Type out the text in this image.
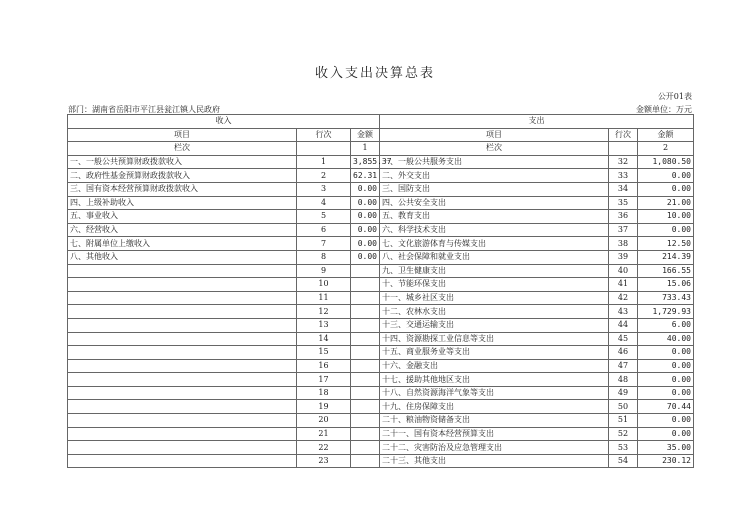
收入支出决算总表
公开01表
部门：湖南省岳阳市平江县瓮江镇人民政府	金额单位：万元
收入			支出		
项目	行次	金额	项目	行次	金额
栏次		1	栏次		2
一、一般公共预算财政拨款收入	1	3,855.37	一、一般公共服务支出	32	1,080.50
二、政府性基金预算财政拨款收入	2	62.31	二、外交支出	33	0.00
三、国有资本经营预算财政拨款收入	3	0.00	三、国防支出	34	0.00
四、上级补助收入	4	0.00	四、公共安全支出	35	21.00
五、事业收入	5	0.00	五、教育支出	36	10.00
六、经营收入	6	0.00	六、科学技术支出	37	0.00
七、附属单位上缴收入	7	0.00	七、文化旅游体育与传媒支出	38	12.50
八、其他收入	8	0.00	八、社会保障和就业支出	39	214.39
	9		九、卫生健康支出	40	166.55
	10		十、节能环保支出	41	15.06
	11		十一、城乡社区支出	42	733.43
	12		十二、农林水支出	43	1,729.93
	13		十三、交通运输支出	44	6.00
	14		十四、资源勘探工业信息等支出	45	40.00
	15		十五、商业服务业等支出	46	0.00
	16		十六、金融支出	47	0.00
	17		十七、援助其他地区支出	48	0.00
	18		十八、自然资源海洋气象等支出	49	0.00
	19		十九、住房保障支出	50	70.44
	20		二十、粮油物资储备支出	51	0.00
	21		二十一、国有资本经营预算支出	52	0.00
	22		二十二、灾害防治及应急管理支出	53	35.00
	23		二十三、其他支出	54	230.12
